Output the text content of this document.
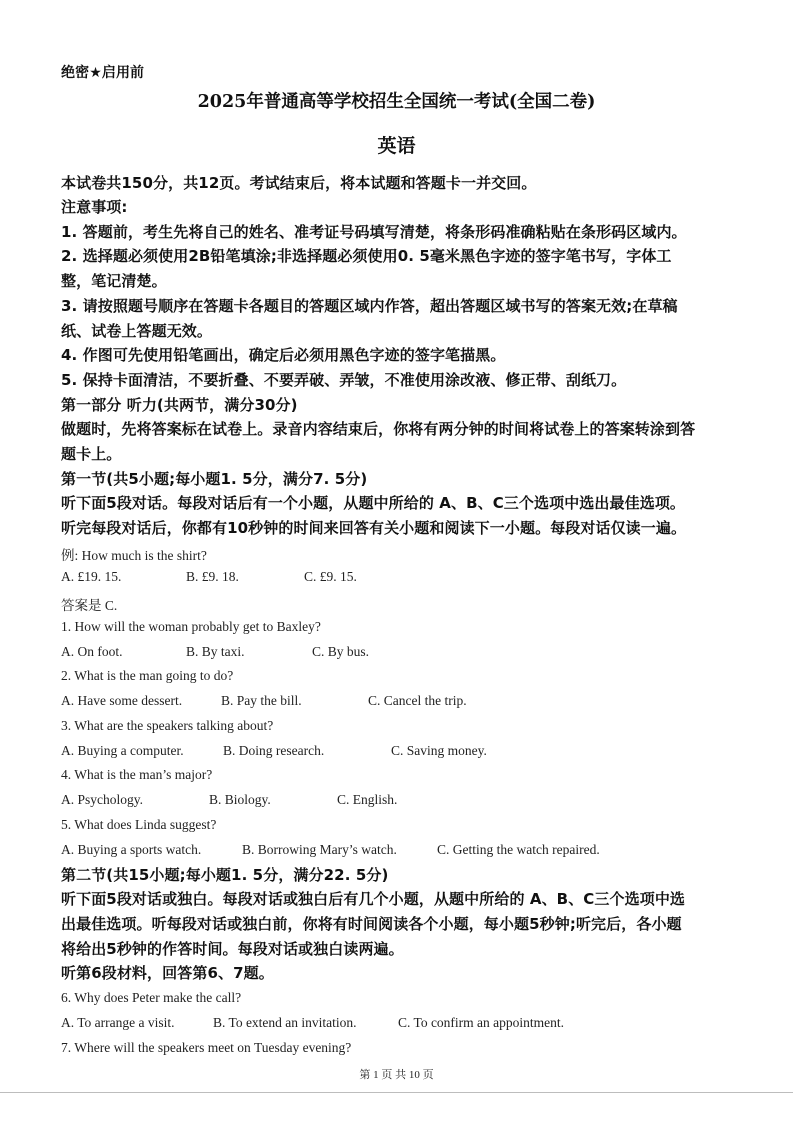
绝密★启用前
2025年普通高等学校招生全国统一考试(全国二卷)
英语
本试卷共150分，共12页。考试结束后，将本试题和答题卡一并交回。
注意事项:
1. 答题前，考生先将自己的姓名、准考证号码填写清楚，将条形码准确粘贴在条形码区域内。
2. 选择题必须使用2B铅笔填涂;非选择题必须使用0. 5毫米黑色字迹的签字笔书写，字体工
整，笔记清楚。
3. 请按照题号顺序在答题卡各题目的答题区域内作答，超出答题区域书写的答案无效;在草稿
纸、试卷上答题无效。
4. 作图可先使用铅笔画出，确定后必须用黑色字迹的签字笔描黑。
5. 保持卡面清洁，不要折叠、不要弄破、弄皱，不准使用涂改液、修正带、刮纸刀。
第一部分 听力(共两节，满分30分)
做题时，先将答案标在试卷上。录音内容结束后，你将有两分钟的时间将试卷上的答案转涂到答
题卡上。
第一节(共5小题;每小题1. 5分，满分7. 5分)
听下面5段对话。每段对话后有一个小题，从题中所给的 A、B、C三个选项中选出最佳选项。
听完每段对话后，你都有10秒钟的时间来回答有关小题和阅读下一小题。每段对话仅读一遍。
例: How much is the shirt?
A. £19. 15.	B. £9. 18.	C. £9. 15.
答案是 C.
1. How will the woman probably get to Baxley?
A. On foot.	B. By taxi.	C. By bus.
2. What is the man going to do?
A. Have some dessert.	B. Pay the bill.	C. Cancel the trip.
3. What are the speakers talking about?
A. Buying a computer.	B. Doing research.	C. Saving money.
4. What is the man’s major?
A. Psychology.	B. Biology.	C. English.
5. What does Linda suggest?
A. Buying a sports watch.	B. Borrowing Mary’s watch.	C. Getting the watch repaired.
第二节(共15小题;每小题1. 5分，满分22. 5分)
听下面5段对话或独白。每段对话或独白后有几个小题，从题中所给的 A、B、C三个选项中选
出最佳选项。听每段对话或独白前，你将有时间阅读各个小题，每小题5秒钟;听完后，各小题
将给出5秒钟的作答时间。每段对话或独白读两遍。
听第6段材料，回答第6、7题。
6. Why does Peter make the call?
A. To arrange a visit.	B. To extend an invitation.	C. To confirm an appointment.
7. Where will the speakers meet on Tuesday evening?
第 1 页 共 10 页
